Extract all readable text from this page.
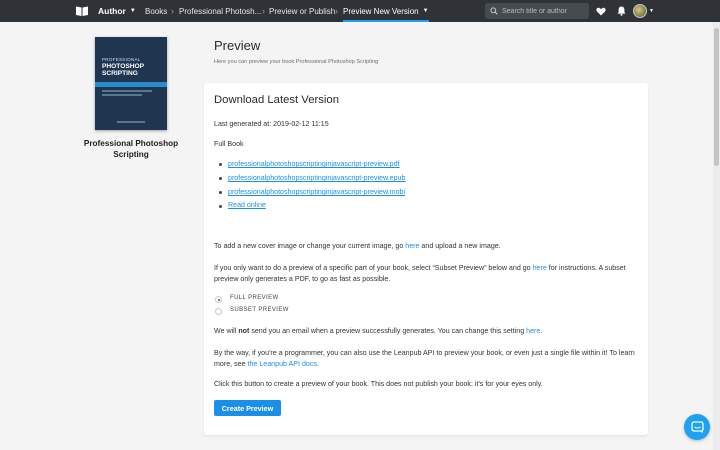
Author ▼ Books › Professional Photosh... › Preview or Publish › Preview New Version ▼
Search title or author	▼
PROFESSIONAL
PHOTOSHOP SCRIPTING
Professional Photoshop Scripting
Preview
Here you can preview your book Professional Photoshop Scripting
Download Latest Version
Last generated at: 2019-02-12 11:15
Full Book
professionalphotoshopscriptinginjavascript-preview.pdf
professionalphotoshopscriptinginjavascript-preview.epub
professionalphotoshopscriptinginjavascript-preview.mobi
Read online
To add a new cover image or change your current image, go here and upload a new image.
If you only want to do a preview of a specific part of your book, select “Subset Preview” below and go here for instructions. A subset preview only generates a PDF, to go as fast as possible.
FULL PREVIEW
SUBSET PREVIEW
We will not send you an email when a preview successfully generates. You can change this setting here.
By the way, if you're a programmer, you can also use the Leanpub API to preview your book, or even just a single file within it! To learn more, see the Leanpub API docs.
Click this button to create a preview of your book. This does not publish your book: it's for your eyes only.
Create Preview
